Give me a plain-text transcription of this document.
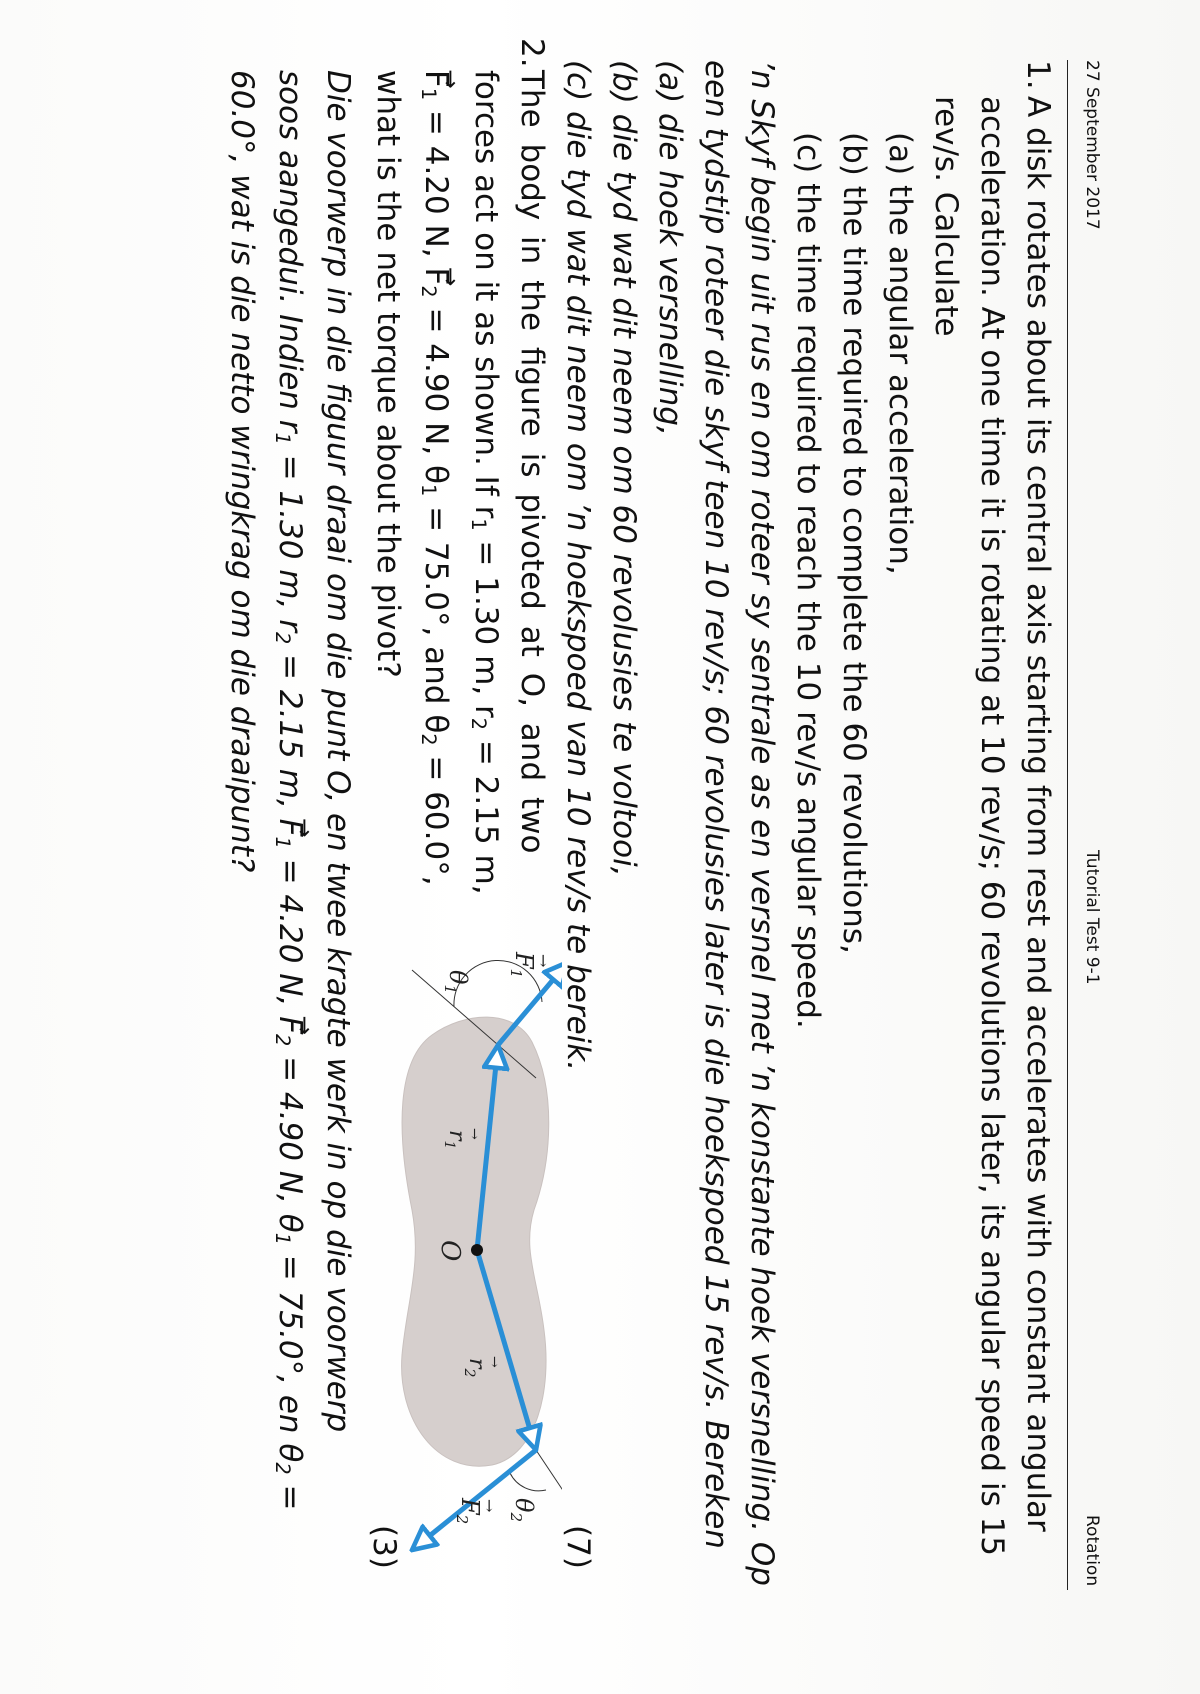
27 September 2017
Tutorial Test 9-1
Rotation
1.
A disk rotates about its central axis starting from rest and accelerates with constant angular
acceleration. At one time it is rotating at 10 rev/s; 60 revolutions later, its angular speed is 15
rev/s. Calculate
(a) the angular acceleration,
(b) the time required to complete the 60 revolutions,
(c) the time required to reach the 10 rev/s angular speed.
’n Skyf begin uit rus en om roteer sy sentrale as en versnel met ’n konstante hoek versnelling. Op
een tydstip roteer die skyf teen 10 rev/s; 60 revolusies later is die hoekspoed 15 rev/s. Bereken
(a) die hoek versnelling,
(b) die tyd wat dit neem om 60 revolusies te voltooi,
(c) die tyd wat dit neem om ’n hoekspoed van 10 rev/s te bereik.
(7)
2.
The body in the figure is pivoted at O, and two
forces act on it as shown. If $r_1 = 1.30$ m, $r_2 = 2.15$ m,
→ $F_1 = 4.20$ N, → $F_2 = 4.90$ N, $\theta_1 = 75.0^\circ$, and $\theta_2 = 60.0^\circ$,
what is the net torque about the pivot?
Die voorwerp in die figuur draai om die punt O, en twee kragte werk in op die voorwerp
soos aangedui. Indien $r_1 = 1.30$ m, $r_2 = 2.15$ m, → $F_1 = 4.20$ N, → $F_2 = 4.90$ N, $\theta_1 = 75.0^\circ$, en $\theta_2$ =
60.0°, wat is die netto wringkrag om die draaipunt?
(3)
O
$\theta_1$
$\theta_2$
$F_1$
$F_2$
$r_1$
$r_2$
→
→
→
→
